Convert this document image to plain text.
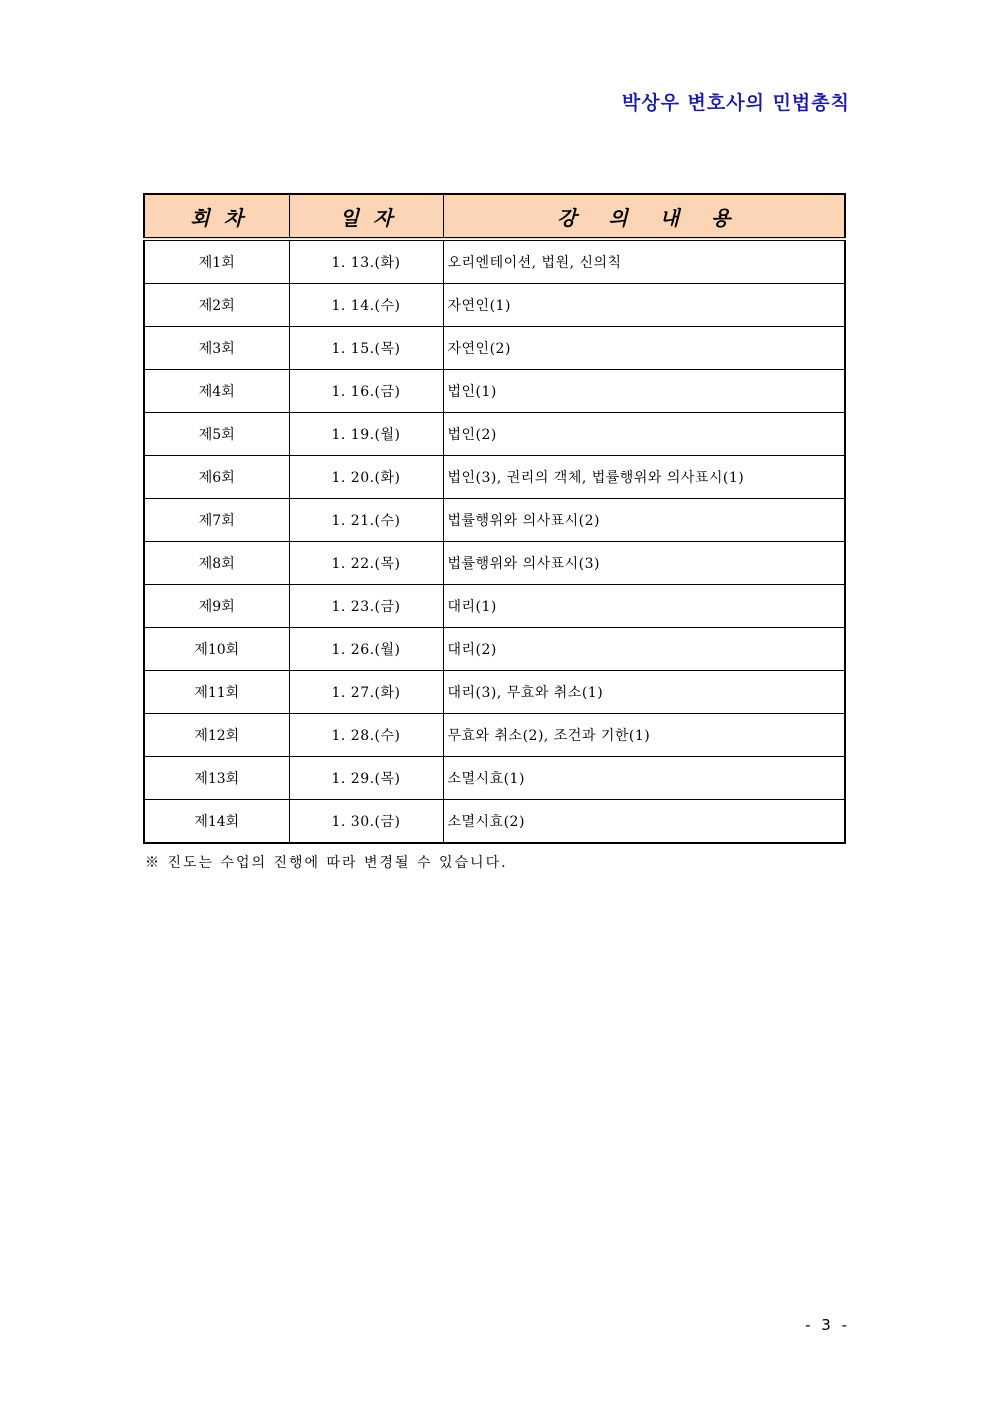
박상우 변호사의 민법총칙
회차	일자	강의내용
제1회	1. 13.(화)	오리엔테이션, 법원, 신의칙
제2회	1. 14.(수)	자연인(1)
제3회	1. 15.(목)	자연인(2)
제4회	1. 16.(금)	법인(1)
제5회	1. 19.(월)	법인(2)
제6회	1. 20.(화)	법인(3), 권리의 객체, 법률행위와 의사표시(1)
제7회	1. 21.(수)	법률행위와 의사표시(2)
제8회	1. 22.(목)	법률행위와 의사표시(3)
제9회	1. 23.(금)	대리(1)
제10회	1. 26.(월)	대리(2)
제11회	1. 27.(화)	대리(3), 무효와 취소(1)
제12회	1. 28.(수)	무효와 취소(2), 조건과 기한(1)
제13회	1. 29.(목)	소멸시효(1)
제14회	1. 30.(금)	소멸시효(2)
※ 진도는 수업의 진행에 따라 변경될 수 있습니다.
- 3 -
